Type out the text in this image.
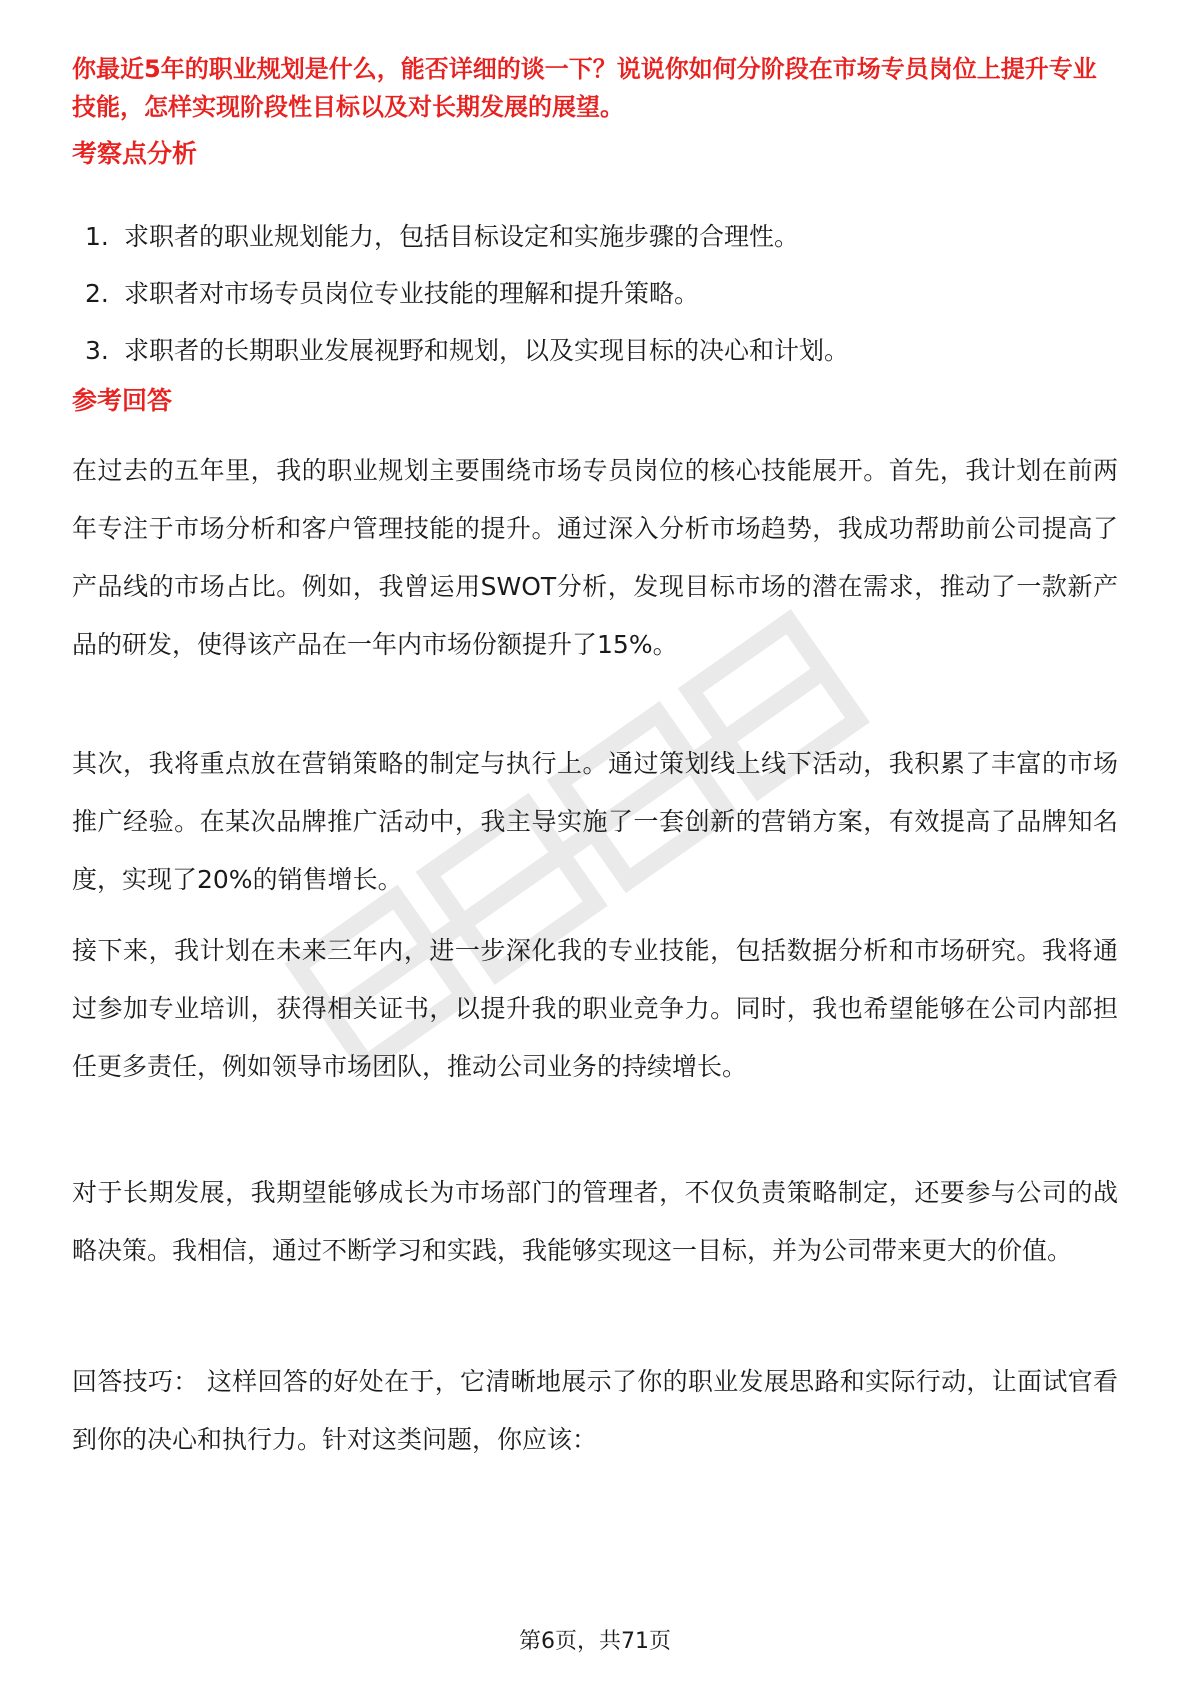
你最近5年的职业规划是什么，能否详细的谈一下？说说你如何分阶段在市场专员岗位上提升专业技能，怎样实现阶段性目标以及对长期发展的展望。
考察点分析
1. 求职者的职业规划能力，包括目标设定和实施步骤的合理性。
2. 求职者对市场专员岗位专业技能的理解和提升策略。
3. 求职者的长期职业发展视野和规划，以及实现目标的决心和计划。
参考回答

在过去的五年里，我的职业规划主要围绕市场专员岗位的核心技能展开。首先，我计划在前两年专注于市场分析和客户管理技能的提升。通过深入分析市场趋势，我成功帮助前公司提高了产品线的市场占比。例如，我曾运用SWOT分析，发现目标市场的潜在需求，推动了一款新产品的研发，使得该产品在一年内市场份额提升了15%。

其次，我将重点放在营销策略的制定与执行上。通过策划线上线下活动，我积累了丰富的市场推广经验。在某次品牌推广活动中，我主导实施了一套创新的营销方案，有效提高了品牌知名度，实现了20%的销售增长。

接下来，我计划在未来三年内，进一步深化我的专业技能，包括数据分析和市场研究。我将通过参加专业培训，获得相关证书，以提升我的职业竞争力。同时，我也希望能够在公司内部担任更多责任，例如领导市场团队，推动公司业务的持续增长。

对于长期发展，我期望能够成长为市场部门的管理者，不仅负责策略制定，还要参与公司的战略决策。我相信，通过不断学习和实践，我能够实现这一目标，并为公司带来更大的价值。

回答技巧： 这样回答的好处在于，它清晰地展示了你的职业发展思路和实际行动，让面试官看到你的决心和执行力。针对这类问题，你应该：

第6页，共71页
